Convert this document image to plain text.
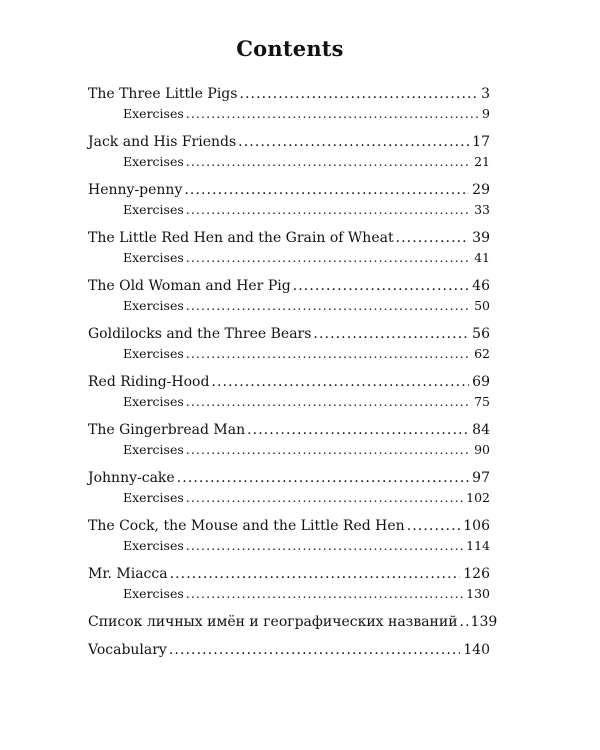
Contents
The Three Little Pigs .....	3
Exercises .....	9
Jack and His Friends .....	17
Exercises .....	21
Henny-penny .....	29
Exercises .....	33
The Little Red Hen and the Grain of Wheat .....	39
Exercises .....	41
The Old Woman and Her Pig .....	46
Exercises .....	50
Goldilocks and the Three Bears .....	56
Exercises .....	62
Red Riding-Hood .....	69
Exercises .....	75
The Gingerbread Man .....	84
Exercises .....	90
Johnny-cake .....	97
Exercises .....	102
The Cock, the Mouse and the Little Red Hen .....	106
Exercises .....	114
Mr. Miacca .....	126
Exercises .....	130
Список личных имён и географических названий ..... 139
Vocabulary .....	140
